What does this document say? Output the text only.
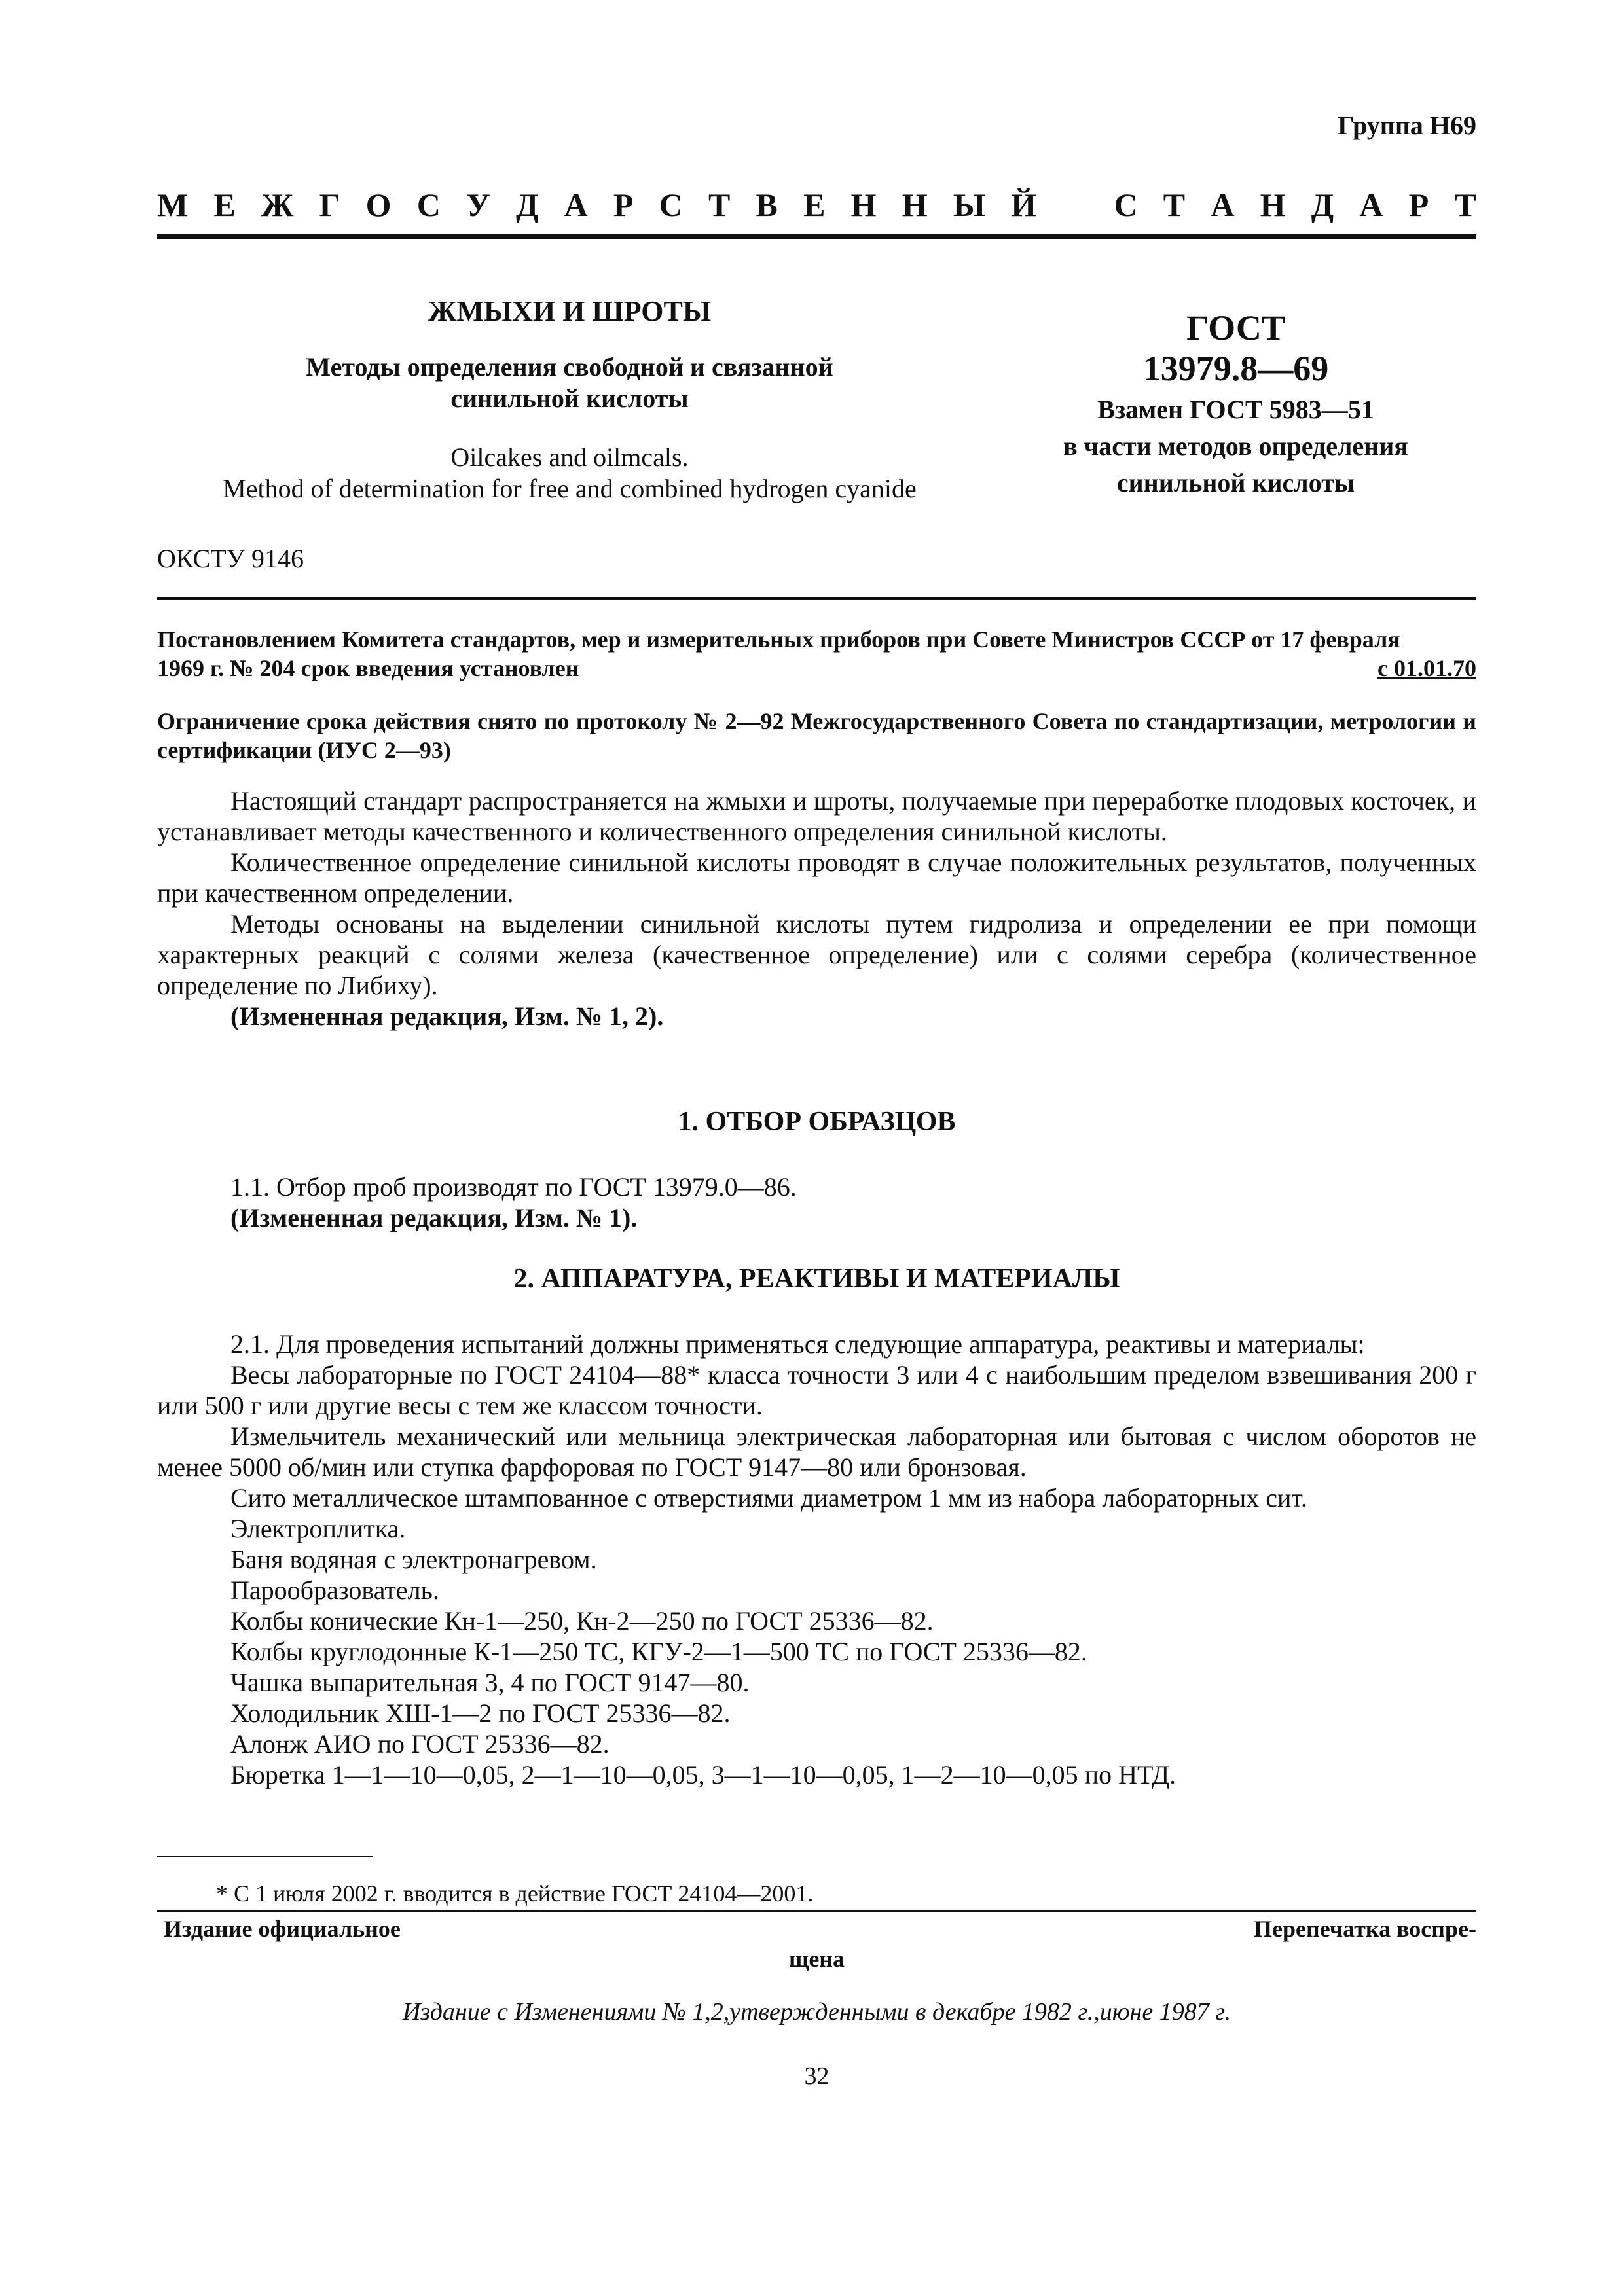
Группа Н69
М Е Ж Г О С У Д А Р С Т В Е Н Н Ы Й С Т А Н Д А Р Т
ЖМЫХИ И ШРОТЫ
Методы определения свободной и связанной
синильной кислоты
Oilcakes and oilmcals.
Method of determination for free and combined hydrogen cyanide
ГОСТ
13979.8—69
Взамен ГОСТ 5983—51
в части методов определения
синильной кислоты
ОКСТУ 9146
Постановлением Комитета стандартов, мер и измерительных приборов при Совете Министров СССР от 17 февраля
1969 г. № 204 срок введения установлен	с 01.01.70
Ограничение срока действия снято по протоколу № 2—92 Межгосударственного Совета по стандартизации, метрологии и сертификации (ИУС 2—93)

Настоящий стандарт распространяется на жмыхи и шроты, получаемые при переработке плодовых косточек, и устанавливает методы качественного и количественного определения синильной кислоты.

Количественное определение синильной кислоты проводят в случае положительных результатов, полученных при качественном определении.

Методы основаны на выделении синильной кислоты путем гидролиза и определении ее при помощи характерных реакций с солями железа (качественное определение) или с солями серебра (количественное определение по Либиху).

(Измененная редакция, Изм. № 1, 2).

1. ОТБОР ОБРАЗЦОВ

1.1. Отбор проб производят по ГОСТ 13979.0—86.

(Измененная редакция, Изм. № 1).

2. АППАРАТУРА, РЕАКТИВЫ И МАТЕРИАЛЫ

2.1. Для проведения испытаний должны применяться следующие аппаратура, реактивы и материалы:

Весы лабораторные по ГОСТ 24104—88* класса точности 3 или 4 с наибольшим пределом взвешивания 200 г или 500 г или другие весы с тем же классом точности.

Измельчитель механический или мельница электрическая лабораторная или бытовая с числом оборотов не менее 5000 об/мин или ступка фарфоровая по ГОСТ 9147—80 или бронзовая.

Сито металлическое штампованное с отверстиями диаметром 1 мм из набора лабораторных сит.

Электроплитка.

Баня водяная с электронагревом.

Парообразователь.

Колбы конические Кн-1—250, Кн-2—250 по ГОСТ 25336—82.

Колбы круглодонные К-1—250 ТС, КГУ-2—1—500 ТС по ГОСТ 25336—82.

Чашка выпарительная 3, 4 по ГОСТ 9147—80.

Холодильник ХШ-1—2 по ГОСТ 25336—82.

Алонж АИО по ГОСТ 25336—82.

Бюретка 1—1—10—0,05, 2—1—10—0,05, 3—1—10—0,05, 1—2—10—0,05 по НТД.

* С 1 июля 2002 г. вводится в действие ГОСТ 24104—2001.
Издание официальное	Перепечатка воспре-
щена
Издание с Изменениями № 1,2,утвержденными в декабре 1982 г.,июне 1987 г.
32
